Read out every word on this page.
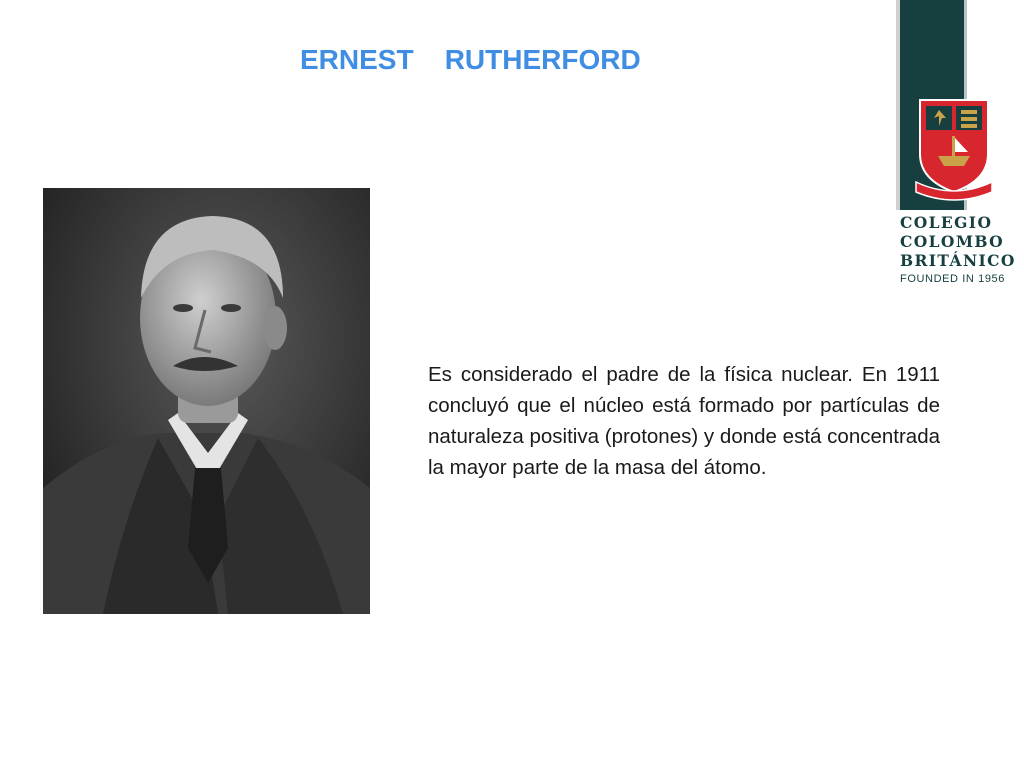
ERNEST    RUTHERFORD

Es considerado el padre de la física nuclear. En 1911 concluyó que el núcleo está formado por partículas de naturaleza positiva (protones) y donde está concentrada la mayor parte de la masa del átomo.

COLEGIO

COLOMBO

BRITÁNICO

FOUNDED IN 1956
